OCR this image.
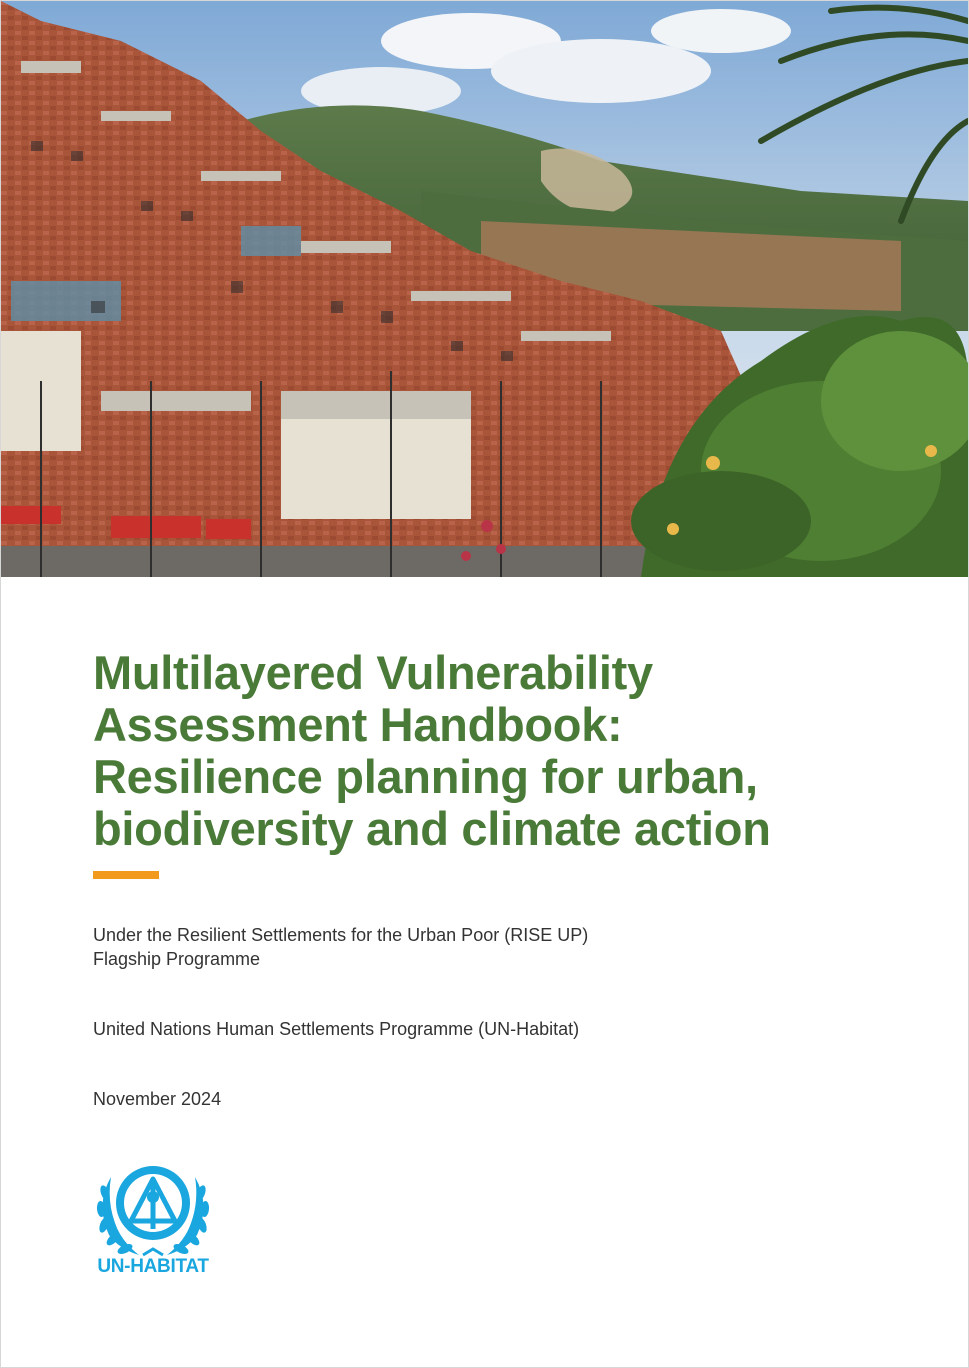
Multilayered Vulnerability
Assessment Handbook:
Resilience planning for urban,
biodiversity and climate action
Under the Resilient Settlements for the Urban Poor (RISE UP)
Flagship Programme
United Nations Human Settlements Programme (UN-Habitat)
November 2024
UN-HABITAT
